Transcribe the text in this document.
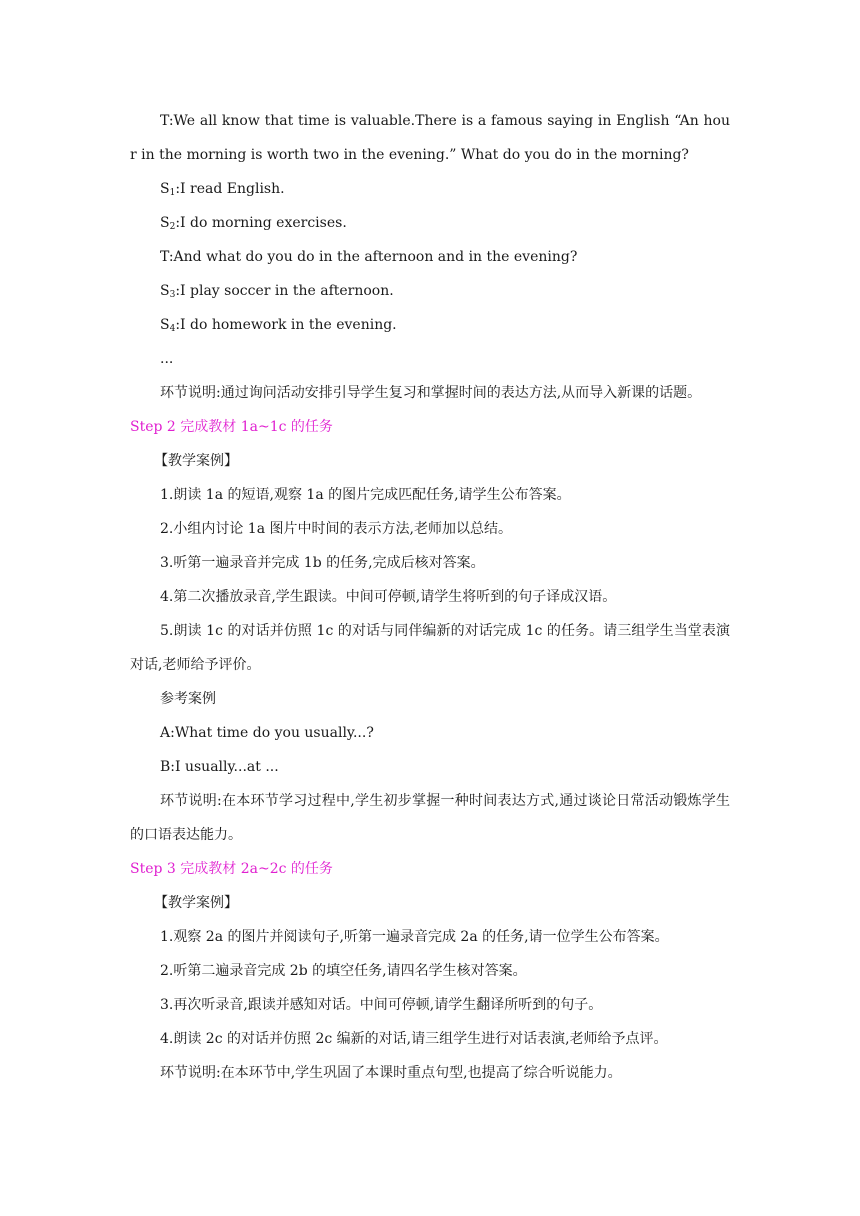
T:We all know that time is valuable.There is a famous saying in English “An hour in the morning is worth two in the evening.” What do you do in the morning?

$S_1:I$ read English.

$S_2:I$ do morning exercises.

T:And what do you do in the afternoon and in the evening?

$S_3:I$ play soccer in the afternoon.

$S_4:I$ do homework in the evening.

...

环节说明:通过询问活动安排引导学生复习和掌握时间的表达方法,从而导入新课的话题。

Step 2 完成教材 1a~1c 的任务

【教学案例】

1.朗读 1a 的短语,观察 1a 的图片完成匹配任务,请学生公布答案。

2.小组内讨论 1a 图片中时间的表示方法,老师加以总结。

3.听第一遍录音并完成 1b 的任务,完成后核对答案。

4.第二次播放录音,学生跟读。中间可停顿,请学生将听到的句子译成汉语。

5.朗读 1c 的对话并仿照 1c 的对话与同伴编新的对话完成 1c 的任务。请三组学生当堂表演对话,老师给予评价。

参考案例

A:What time do you usually...?

B:I usually...at ...

环节说明:在本环节学习过程中,学生初步掌握一种时间表达方式,通过谈论日常活动锻炼学生的口语表达能力。

Step 3 完成教材 2a~2c 的任务

【教学案例】

1.观察 2a 的图片并阅读句子,听第一遍录音完成 2a 的任务,请一位学生公布答案。

2.听第二遍录音完成 2b 的填空任务,请四名学生核对答案。

3.再次听录音,跟读并感知对话。中间可停顿,请学生翻译所听到的句子。

4.朗读 2c 的对话并仿照 2c 编新的对话,请三组学生进行对话表演,老师给予点评。

环节说明:在本环节中,学生巩固了本课时重点句型,也提高了综合听说能力。
